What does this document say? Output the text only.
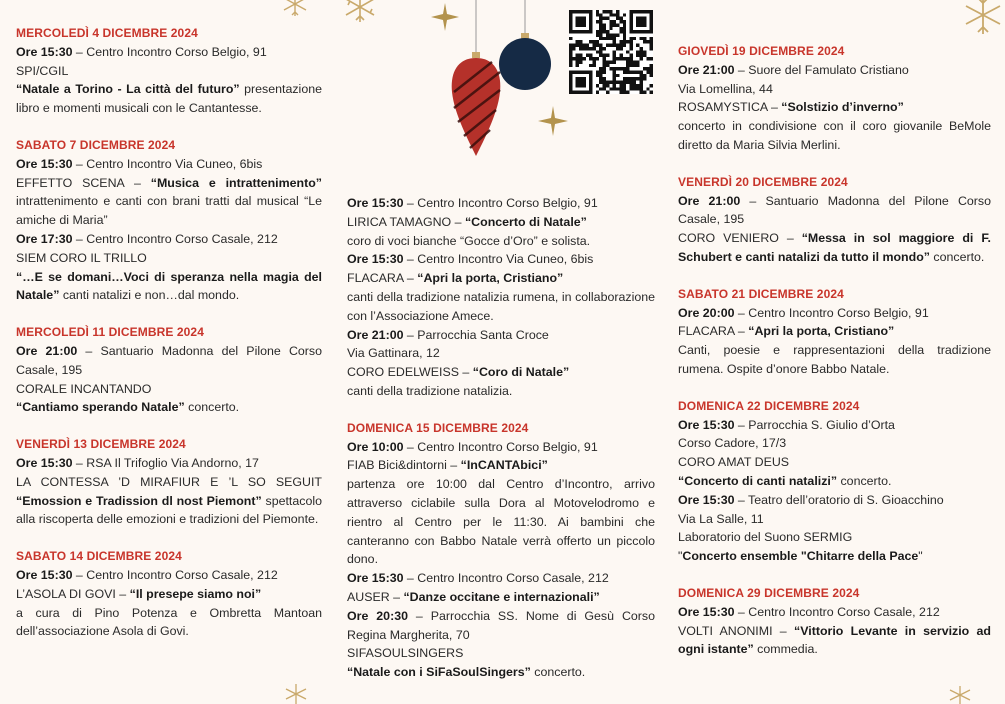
MERCOLEDÌ 4 DICEMBRE 2024
Ore 15:30 – Centro Incontro Corso Belgio, 91
SPI/CGIL
“Natale a Torino - La città del futuro” presentazione libro e momenti musicali con le Cantantesse.
SABATO 7 DICEMBRE 2024
Ore 15:30 – Centro Incontro Via Cuneo, 6bis
EFFETTO SCENA – “Musica e intrattenimento” intrattenimento e canti con brani tratti dal musical “Le amiche di Maria”
Ore 17:30 – Centro Incontro Corso Casale, 212
SIEM CORO IL TRILLO
“…E se domani…Voci di speranza nella magia del Natale” canti natalizi e non…dal mondo.
MERCOLEDÌ 11 DICEMBRE 2024
Ore 21:00 – Santuario Madonna del Pilone Corso Casale, 195
CORALE INCANTANDO
“Cantiamo sperando Natale” concerto.
VENERDÌ 13 DICEMBRE 2024
Ore 15:30 – RSA Il Trifoglio Via Andorno, 17
LA CONTESSA ’D MIRAFIUR E ’L SO SEGUIT “Emossion e Tradission dl nost Piemont” spettacolo alla riscoperta delle emozioni e tradizioni del Piemonte.
SABATO 14 DICEMBRE 2024
Ore 15:30 – Centro Incontro Corso Casale, 212
L’ASOLA DI GOVI – “Il presepe siamo noi”
a cura di Pino Potenza e Ombretta Mantoan dell’associazione Asola di Govi.
Ore 15:30 – Centro Incontro Corso Belgio, 91
LIRICA TAMAGNO – “Concerto di Natale”
coro di voci bianche “Gocce d’Oro” e solista.
Ore 15:30 – Centro Incontro Via Cuneo, 6bis
FLACARA – “Apri la porta, Cristiano”
canti della tradizione natalizia rumena, in collaborazione con l’Associazione Amece.
Ore 21:00 – Parrocchia Santa Croce
Via Gattinara, 12
CORO EDELWEISS – “Coro di Natale”
canti della tradizione natalizia.
DOMENICA 15 DICEMBRE 2024
Ore 10:00 – Centro Incontro Corso Belgio, 91
FIAB Bici&dintorni – “InCANTAbici”
partenza ore 10:00 dal Centro d’Incontro, arrivo attraverso ciclabile sulla Dora al Motovelodromo e rientro al Centro per le 11:30. Ai bambini che canteranno con Babbo Natale verrà offerto un piccolo dono.
Ore 15:30 – Centro Incontro Corso Casale, 212
AUSER – “Danze occitane e internazionali”
Ore 20:30 – Parrocchia SS. Nome di Gesù Corso Regina Margherita, 70
SIFASOULSINGERS
“Natale con i SiFaSoulSingers” concerto.
GIOVEDÌ 19 DICEMBRE 2024
Ore 21:00 – Suore del Famulato Cristiano
Via Lomellina, 44
ROSAMYSTICA – “Solstizio d’inverno”
concerto in condivisione con il coro giovanile BeMole diretto da Maria Silvia Merlini.
VENERDÌ 20 DICEMBRE 2024
Ore 21:00 – Santuario Madonna del Pilone Corso Casale, 195
CORO VENIERO – “Messa in sol maggiore di F. Schubert e canti natalizi da tutto il mondo” concerto.
SABATO 21 DICEMBRE 2024
Ore 20:00 – Centro Incontro Corso Belgio, 91
FLACARA – “Apri la porta, Cristiano”
Canti, poesie e rappresentazioni della tradizione rumena. Ospite d’onore Babbo Natale.
DOMENICA 22 DICEMBRE 2024
Ore 15:30 – Parrocchia S. Giulio d’Orta
Corso Cadore, 17/3
CORO AMAT DEUS
“Concerto di canti natalizi” concerto.
Ore 15:30 – Teatro dell’oratorio di S. Gioacchino
Via La Salle, 11
Laboratorio del Suono SERMIG
"Concerto ensemble "Chitarre della Pace"
DOMENICA 29 DICEMBRE 2024
Ore 15:30 – Centro Incontro Corso Casale, 212
VOLTI ANONIMI – “Vittorio Levante in servizio ad ogni istante” commedia.
